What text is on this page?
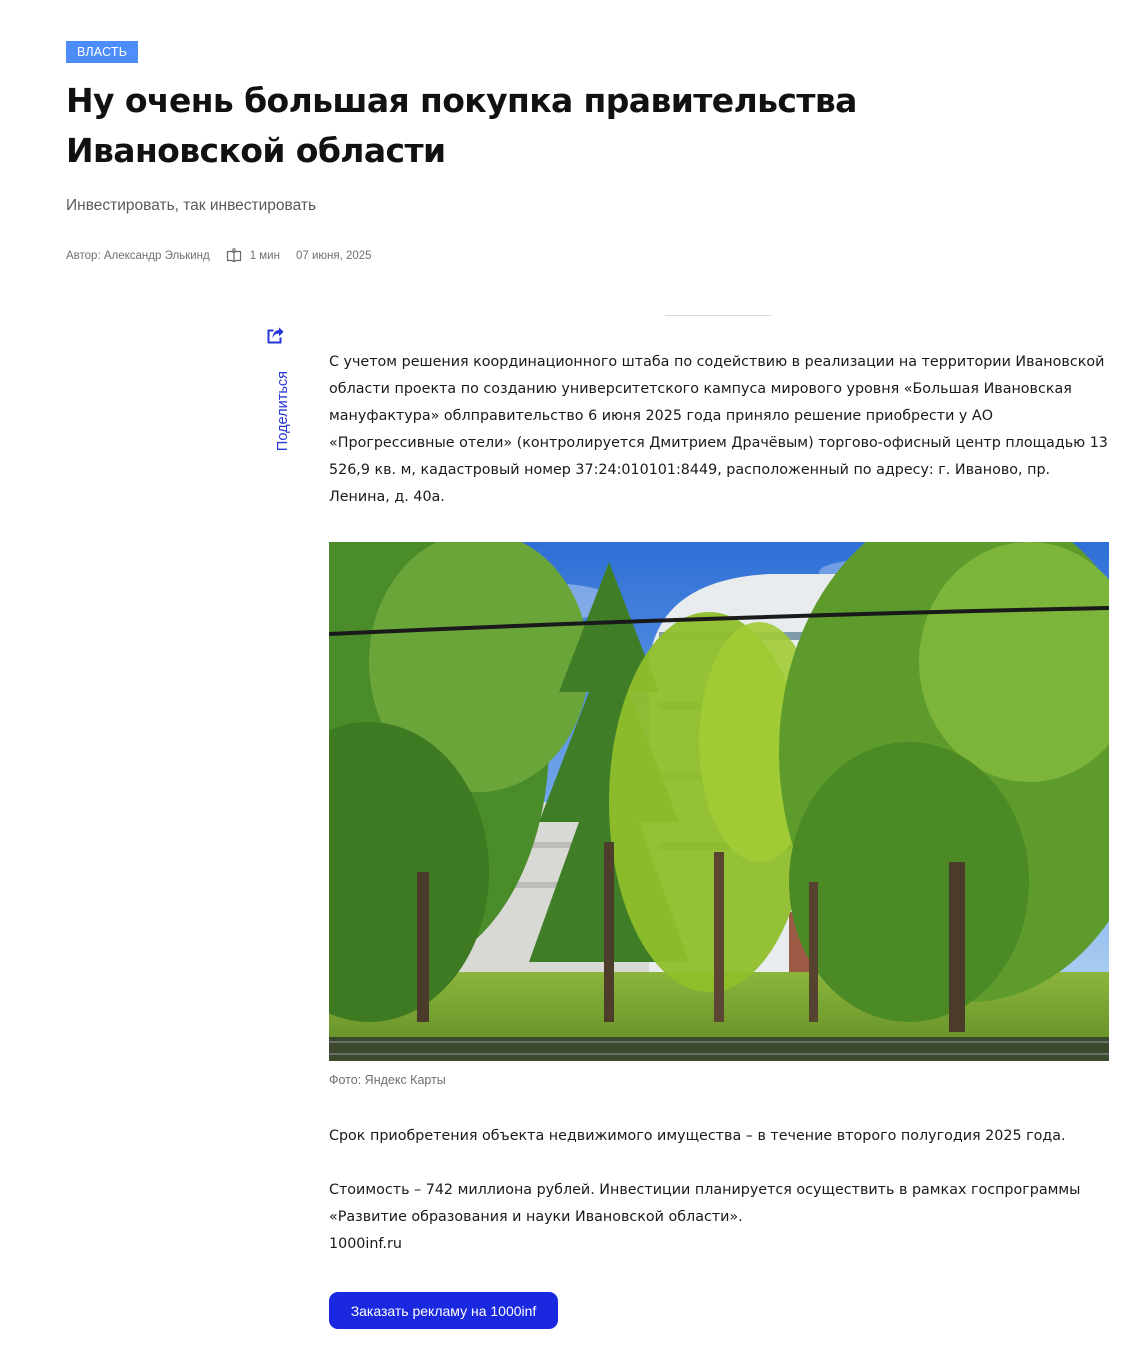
ВЛАСТЬ
Ну очень большая покупка правительства Ивановской области

Инвестировать, так инвестировать

Автор: Александр Элькинд	1 мин 07 июня, 2025
Поделиться

С учетом решения координационного штаба по содействию в реализации на территории Ивановской области проекта по созданию университетского кампуса мирового уровня «Большая Ивановская мануфактура» облправительство 6 июня 2025 года приняло решение приобрести у АО «Прогрессивные отели» (контролируется Дмитрием Драчёвым) торгово-офисный центр площадью 13 526,9 кв. м, кадастровый номер 37:24:010101:8449, расположенный по адресу: г. Иваново, пр. Ленина, д. 40а.

Фото: Яндекс Карты

Срок приобретения объекта недвижимого имущества – в течение второго полугодия 2025 года.

Стоимость – 742 миллиона рублей. Инвестиции планируется осуществить в рамках госпрограммы «Развитие образования и науки Ивановской области».

1000inf.ru

Заказать рекламу на 1000inf
